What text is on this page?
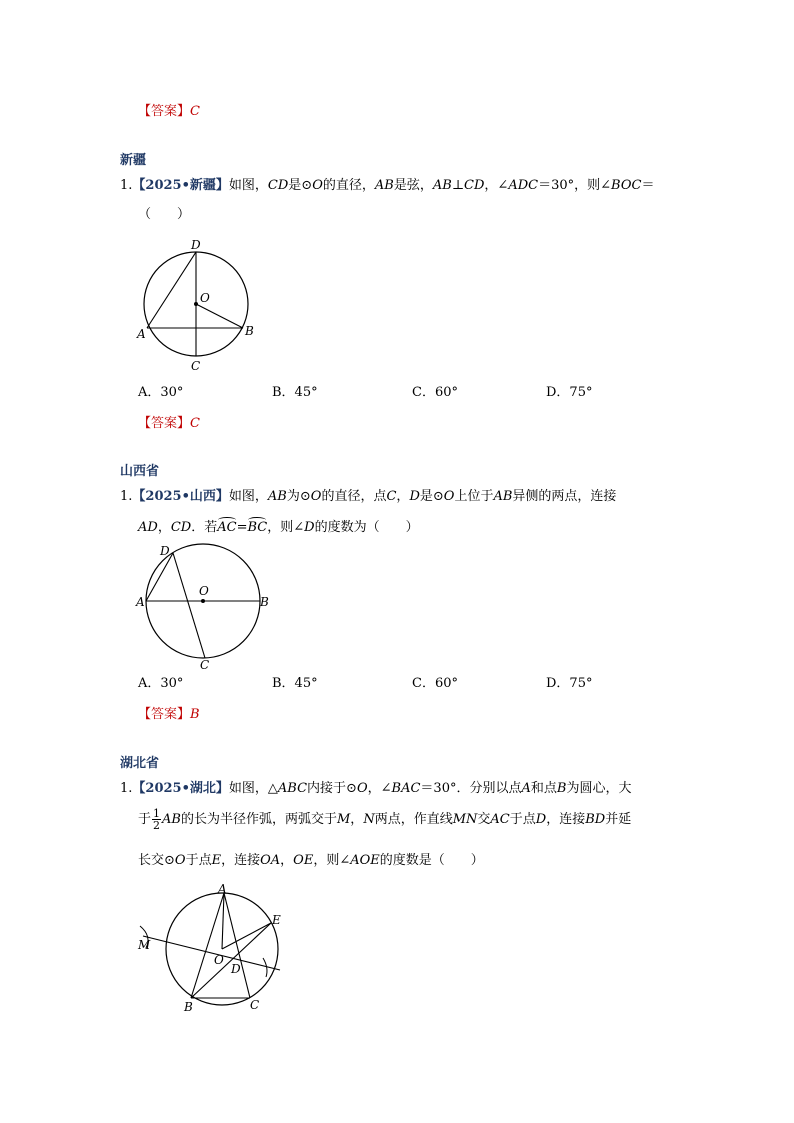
【答案】C
新疆
1.【2025•新疆】如图，CD是⊙O的直径，AB是弦，AB⊥CD，∠ADC＝30°，则∠BOC＝
（　　）
D
O
A	B
C
A．30°	B．45°	C．60°	D．75°
【答案】C
山西省
1.【2025•山西】如图，AB为⊙O的直径，点C，D是⊙O上位于AB异侧的两点，连接
AD，CD．若AC=BC，则∠D的度数为（　　）
D
O
A	B
C
A．30°	B．45°	C．60°	D．75°
【答案】B
湖北省
1.【2025•湖北】如图，△ABC内接于⊙O，∠BAC＝30°．分别以点A和点B为圆心，大
于 $\frac{1}{2}$ AB的长为半径作弧，两弧交于M，N两点，作直线MN交AC于点D，连接BD并延
长交⊙O于点E，连接OA，OE，则∠AOE的度数是（　　）
A
E
M
O
D
B	C
